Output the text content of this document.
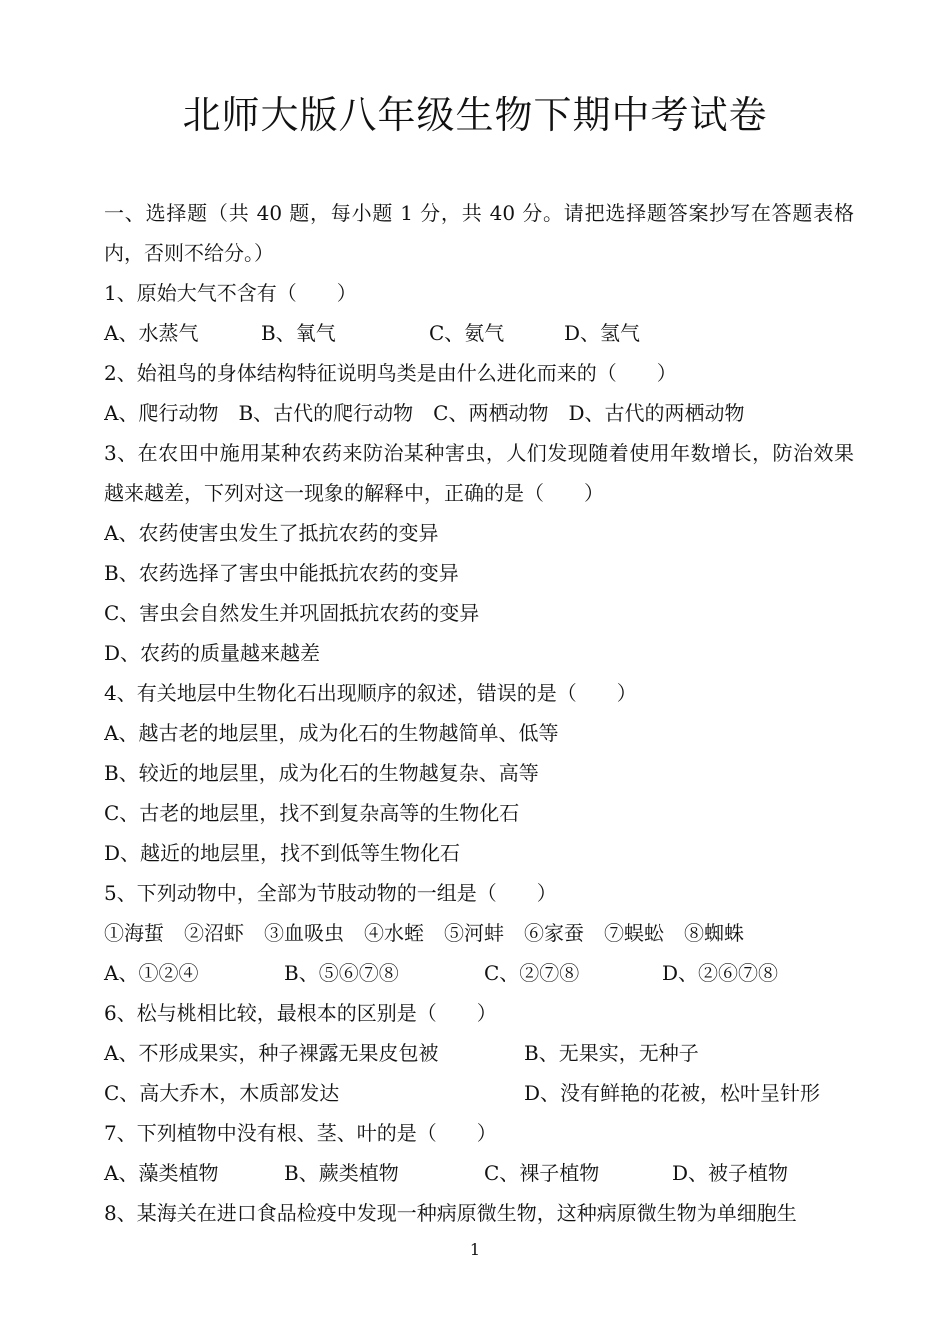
北师大版八年级生物下期中考试卷
一、选择题（共 40 题，每小题 1 分，共 40 分。请把选择题答案抄写在答题表格内，否则不给分。）
1、原始大气不含有（　　）
A、水蒸气	B、氧气	C、氨气	D、氢气
2、始祖鸟的身体结构特征说明鸟类是由什么进化而来的（　　）
A、爬行动物　B、古代的爬行动物　C、两栖动物　D、古代的两栖动物
3、在农田中施用某种农药来防治某种害虫，人们发现随着使用年数增长，防治效果越来越差，下列对这一现象的解释中，正确的是（　　）
A、农药使害虫发生了抵抗农药的变异
B、农药选择了害虫中能抵抗农药的变异
C、害虫会自然发生并巩固抵抗农药的变异
D、农药的质量越来越差
4、有关地层中生物化石出现顺序的叙述，错误的是（　　）
A、越古老的地层里，成为化石的生物越简单、低等
B、较近的地层里，成为化石的生物越复杂、高等
C、古老的地层里，找不到复杂高等的生物化石
D、越近的地层里，找不到低等生物化石
5、下列动物中，全部为节肢动物的一组是（　　）
①海蜇　②沼虾　③血吸虫　④水蛭　⑤河蚌　⑥家蚕　⑦蜈蚣　⑧蜘蛛
A、①②④	B、⑤⑥⑦⑧	C、②⑦⑧	D、②⑥⑦⑧
6、松与桃相比较，最根本的区别是（　　）
A、不形成果实，种子裸露无果皮包被	B、无果实，无种子
C、高大乔木，木质部发达	D、没有鲜艳的花被，松叶呈针形
7、下列植物中没有根、茎、叶的是（　　）
A、藻类植物	B、蕨类植物	C、裸子植物	D、被子植物
8、某海关在进口食品检疫中发现一种病原微生物，这种病原微生物为单细胞生
1
